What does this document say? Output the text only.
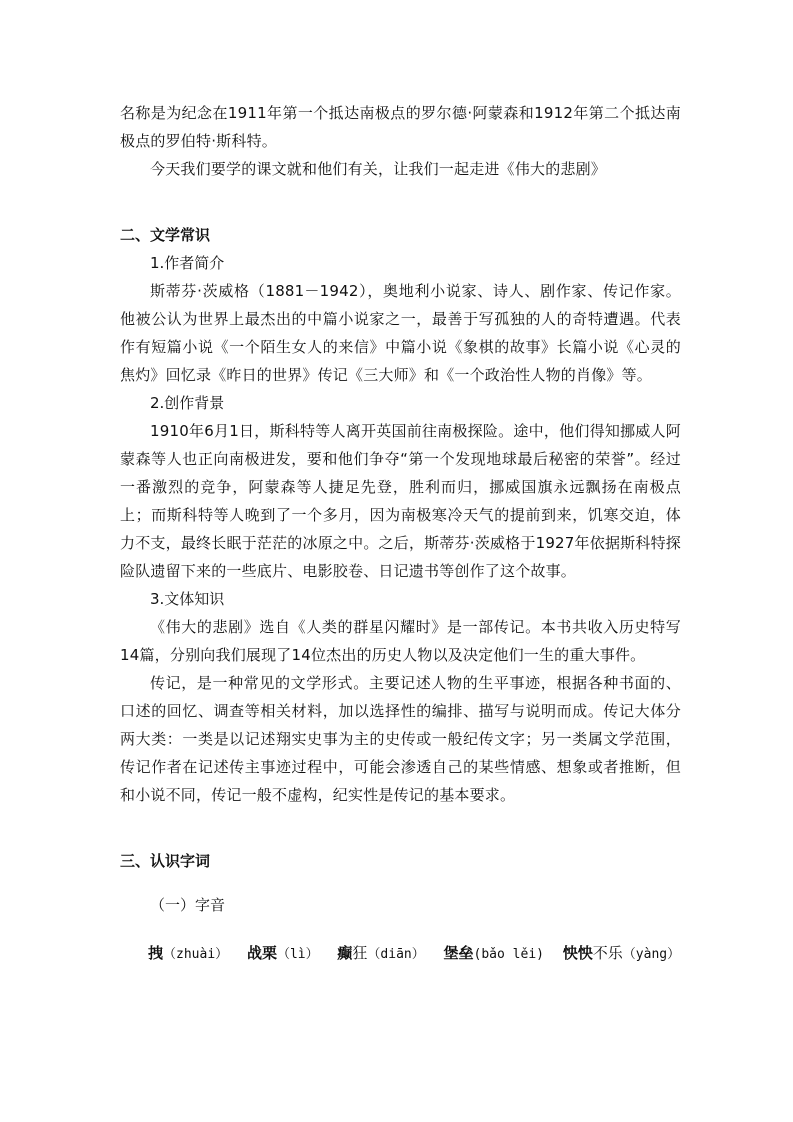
名称是为纪念在1911年第一个抵达南极点的罗尔德·阿蒙森和1912年第二个抵达南极点的罗伯特·斯科特。

今天我们要学的课文就和他们有关，让我们一起走进《伟大的悲剧》

二、文学常识

1.作者简介

斯蒂芬·茨威格（1881－1942），奥地利小说家、诗人、剧作家、传记作家。他被公认为世界上最杰出的中篇小说家之一，最善于写孤独的人的奇特遭遇。代表作有短篇小说《一个陌生女人的来信》中篇小说《象棋的故事》长篇小说《心灵的焦灼》回忆录《昨日的世界》传记《三大师》和《一个政治性人物的肖像》等。

2.创作背景

1910年6月1日，斯科特等人离开英国前往南极探险。途中，他们得知挪威人阿蒙森等人也正向南极进发，要和他们争夺“第一个发现地球最后秘密的荣誉”。经过一番激烈的竞争，阿蒙森等人捷足先登，胜利而归，挪威国旗永远飘扬在南极点上；而斯科特等人晚到了一个多月，因为南极寒冷天气的提前到来，饥寒交迫，体力不支，最终长眠于茫茫的冰原之中。之后，斯蒂芬·茨威格于1927年依据斯科特探险队遗留下来的一些底片、电影胶卷、日记遗书等创作了这个故事。

3.文体知识

《伟大的悲剧》选自《人类的群星闪耀时》是一部传记。本书共收入历史特写14篇，分别向我们展现了14位杰出的历史人物以及决定他们一生的重大事件。

传记，是一种常见的文学形式。主要记述人物的生平事迹，根据各种书面的、口述的回忆、调查等相关材料，加以选择性的编排、描写与说明而成。传记大体分两大类：一类是以记述翔实史事为主的史传或一般纪传文字；另一类属文学范围，传记作者在记述传主事迹过程中，可能会渗透自己的某些情感、想象或者推断，但和小说不同，传记一般不虚构，纪实性是传记的基本要求。

三、认识字词

（一）字音

拽（zhuài） 战栗（lì） 癫狂（diān） 堡垒(bǎo lěi) 怏怏不乐（yàng）
